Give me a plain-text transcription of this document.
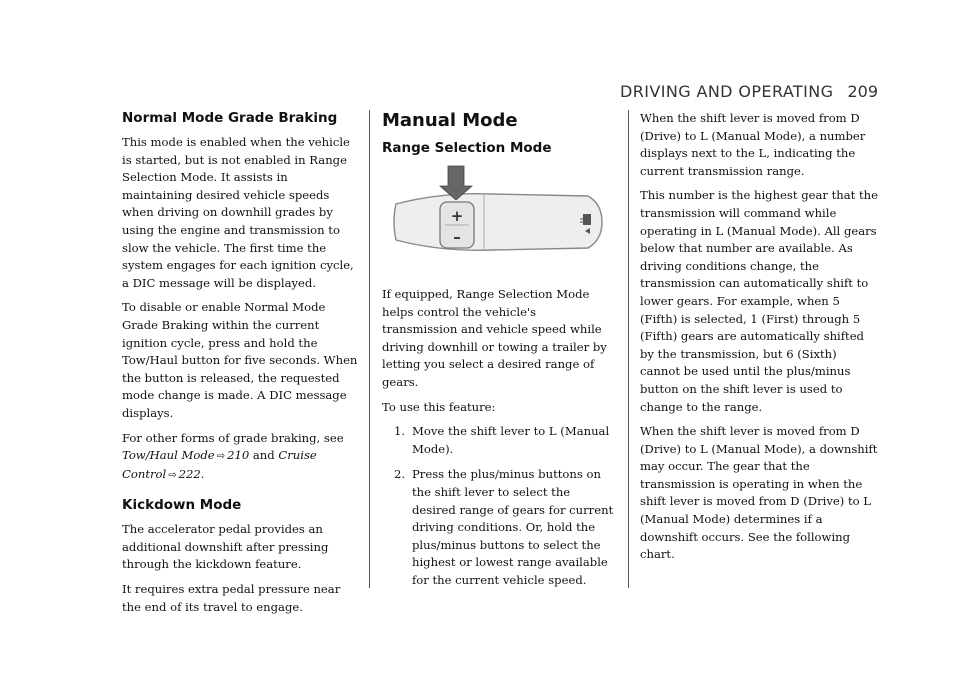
DRIVING AND OPERATING 209
Normal Mode Grade Braking

This mode is enabled when the vehicle is started, but is not enabled in Range Selection Mode. It assists in maintaining desired vehicle speeds when driving on downhill grades by using the engine and transmission to slow the vehicle. The first time the system engages for each ignition cycle, a DIC message will be displayed.

To disable or enable Normal Mode Grade Braking within the current ignition cycle, press and hold the Tow/Haul button for five seconds. When the button is released, the requested mode change is made. A DIC message displays.

For other forms of grade braking, see Tow/Haul Mode ⇨ 210 and Cruise Control ⇨ 222.

Kickdown Mode

The accelerator pedal provides an additional downshift after pressing through the kickdown feature.

It requires extra pedal pressure near the end of its travel to engage.

Manual Mode
Range Selection Mode
+
–

If equipped, Range Selection Mode helps control the vehicle's transmission and vehicle speed while driving downhill or towing a trailer by letting you select a desired range of gears.

To use this feature:

1. Move the shift lever to L (Manual Mode).
2. Press the plus/minus buttons on the shift lever to select the desired range of gears for current driving conditions. Or, hold the plus/minus buttons to select the highest or lowest range available for the current vehicle speed.

When the shift lever is moved from D (Drive) to L (Manual Mode), a number displays next to the L, indicating the current transmission range.

This number is the highest gear that the transmission will command while operating in L (Manual Mode). All gears below that number are available. As driving conditions change, the transmission can automatically shift to lower gears. For example, when 5 (Fifth) is selected, 1 (First) through 5 (Fifth) gears are automatically shifted by the transmission, but 6 (Sixth) cannot be used until the plus/minus button on the shift lever is used to change to the range.

When the shift lever is moved from D (Drive) to L (Manual Mode), a downshift may occur. The gear that the transmission is operating in when the shift lever is moved from D (Drive) to L (Manual Mode) determines if a downshift occurs. See the following chart.
